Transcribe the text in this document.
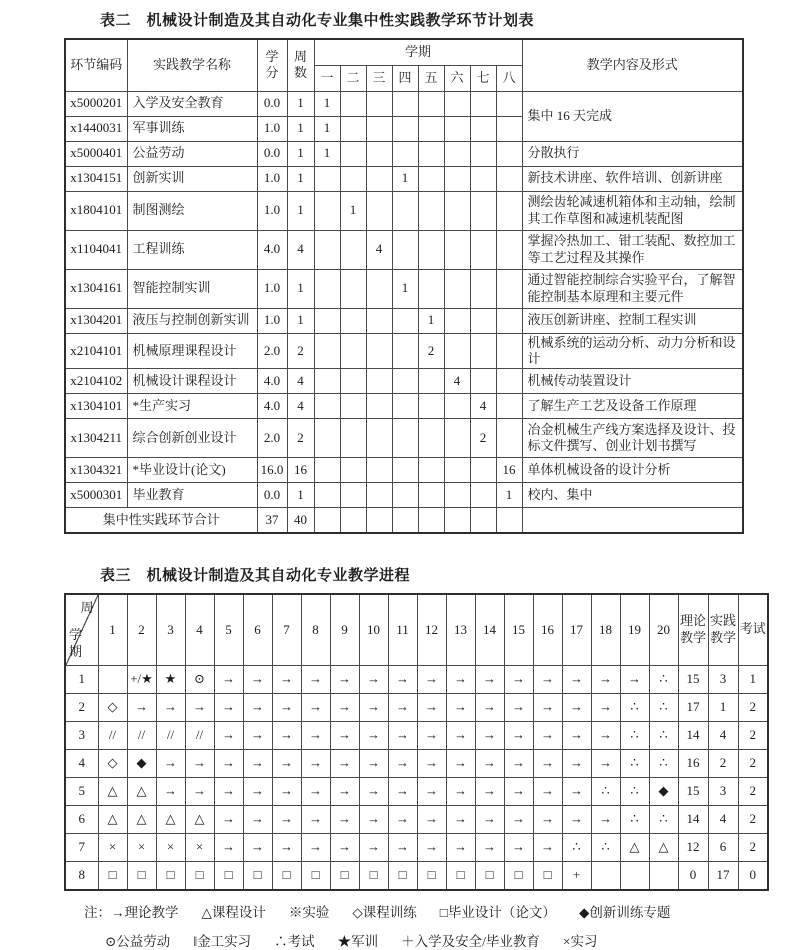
表二　机械设计制造及其自动化专业集中性实践教学环节计划表
环节编码	实践教学名称	学分	周数	学期								教学内容及形式
				一	二	三	四	五	六	七	八	
x5000201	入学及安全教育	0.0	1	1								集中 16 天完成
x1440031	军事训练	1.0	1	1								
x5000401	公益劳动	0.0	1	1								分散执行
x1304151	创新实训	1.0	1				1					新技术讲座、软件培训、创新讲座
x1804101	制图测绘	1.0	1		1							测绘齿轮减速机箱体和主动轴，绘制其工作草图和减速机装配图
x1104041	工程训练	4.0	4			4						掌握冷热加工、钳工装配、数控加工等工艺过程及其操作
x1304161	智能控制实训	1.0	1				1					通过智能控制综合实验平台，了解智能控制基本原理和主要元件
x1304201	液压与控制创新实训	1.0	1					1				液压创新讲座、控制工程实训
x2104101	机械原理课程设计	2.0	2					2				机械系统的运动分析、动力分析和设计
x2104102	机械设计课程设计	4.0	4						4			机械传动装置设计
x1304101	*生产实习	4.0	4							4		了解生产工艺及设备工作原理
x1304211	综合创新创业设计	2.0	2							2		冶金机械生产线方案选择及设计、投标文件撰写、创业计划书撰写
x1304321	*毕业设计(论文)	16.0	16								16	单体机械设备的设计分析
x5000301	毕业教育	0.0	1								1	校内、集中
集中性实践环节合计		37	40									
表三　机械设计制造及其自动化专业教学进程
周
学期	1	2	3	4	5	6	7	8	9	10	11	12	13	14	15	16	17	18	19	20	理论教学	实践教学	考试
1		+/★	★	⊙	→	→	→	→	→	→	→	→	→	→	→	→	→	→	→	∴	15	3	1
2	◇	→	→	→	→	→	→	→	→	→	→	→	→	→	→	→	→	→	∴	∴	17	1	2
3	//	//	//	//	→	→	→	→	→	→	→	→	→	→	→	→	→	→	∴	∴	14	4	2
4	◇	◆	→	→	→	→	→	→	→	→	→	→	→	→	→	→	→	→	∴	∴	16	2	2
5	△	△	→	→	→	→	→	→	→	→	→	→	→	→	→	→	→	∴	∴	◆	15	3	2
6	△	△	△	△	→	→	→	→	→	→	→	→	→	→	→	→	→	→	∴	∴	14	4	2
7	×	×	×	×	→	→	→	→	→	→	→	→	→	→	→	→	∴	∴	△	△	12	6	2
8	□	□	□	□	□	□	□	□	□	□	□	□	□	□	□	□	+				0	17	0
注： →理论教学 △课程设计 ※实验 ◇课程训练 □毕业设计（论文） ◆创新训练专题
⊙公益劳动 ‖金工实习 ∴考试 ★军训 ＋入学及安全/毕业教育 ×实习
